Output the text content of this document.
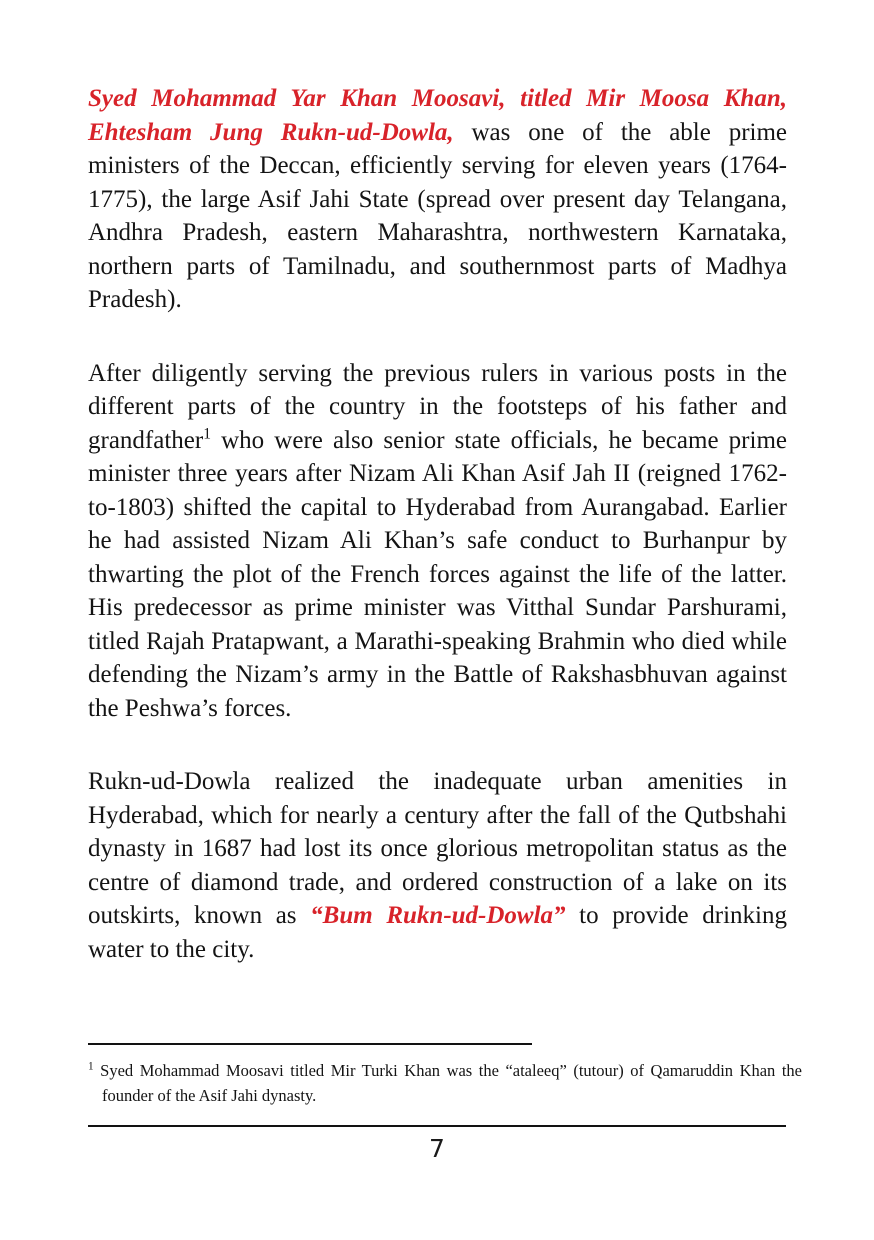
Syed Mohammad Yar Khan Moosavi, titled Mir Moosa Khan, Ehtesham Jung Rukn-ud-Dowla, was one of the able prime ministers of the Deccan, efficiently serving for eleven years (1764-1775), the large Asif Jahi State (spread over present day Telangana, Andhra Pradesh, eastern Maharashtra, northwestern Karnataka, northern parts of Tamilnadu, and southernmost parts of Madhya Pradesh).

After diligently serving the previous rulers in various posts in the different parts of the country in the footsteps of his father and grandfather$^1$ who were also senior state officials, he became prime minister three years after Nizam Ali Khan Asif Jah II (reigned 1762-to-1803) shifted the capital to Hyderabad from Aurangabad. Earlier he had assisted Nizam Ali Khan’s safe conduct to Burhanpur by thwarting the plot of the French forces against the life of the latter. His predecessor as prime minister was Vitthal Sundar Parshurami, titled Rajah Pratapwant, a Marathi-speaking Brahmin who died while defending the Nizam’s army in the Battle of Rakshasbhuvan against the Peshwa’s forces.

Rukn-ud-Dowla realized the inadequate urban amenities in Hyderabad, which for nearly a century after the fall of the Qutbshahi dynasty in 1687 had lost its once glorious metropolitan status as the centre of diamond trade, and ordered construction of a lake on its outskirts, known as “Bum Rukn-ud-Dowla” to provide drinking water to the city.

$^1$ Syed Mohammad Moosavi titled Mir Turki Khan was the “ataleeq” (tutour) of Qamaruddin Khan the founder of the Asif Jahi dynasty.
7
